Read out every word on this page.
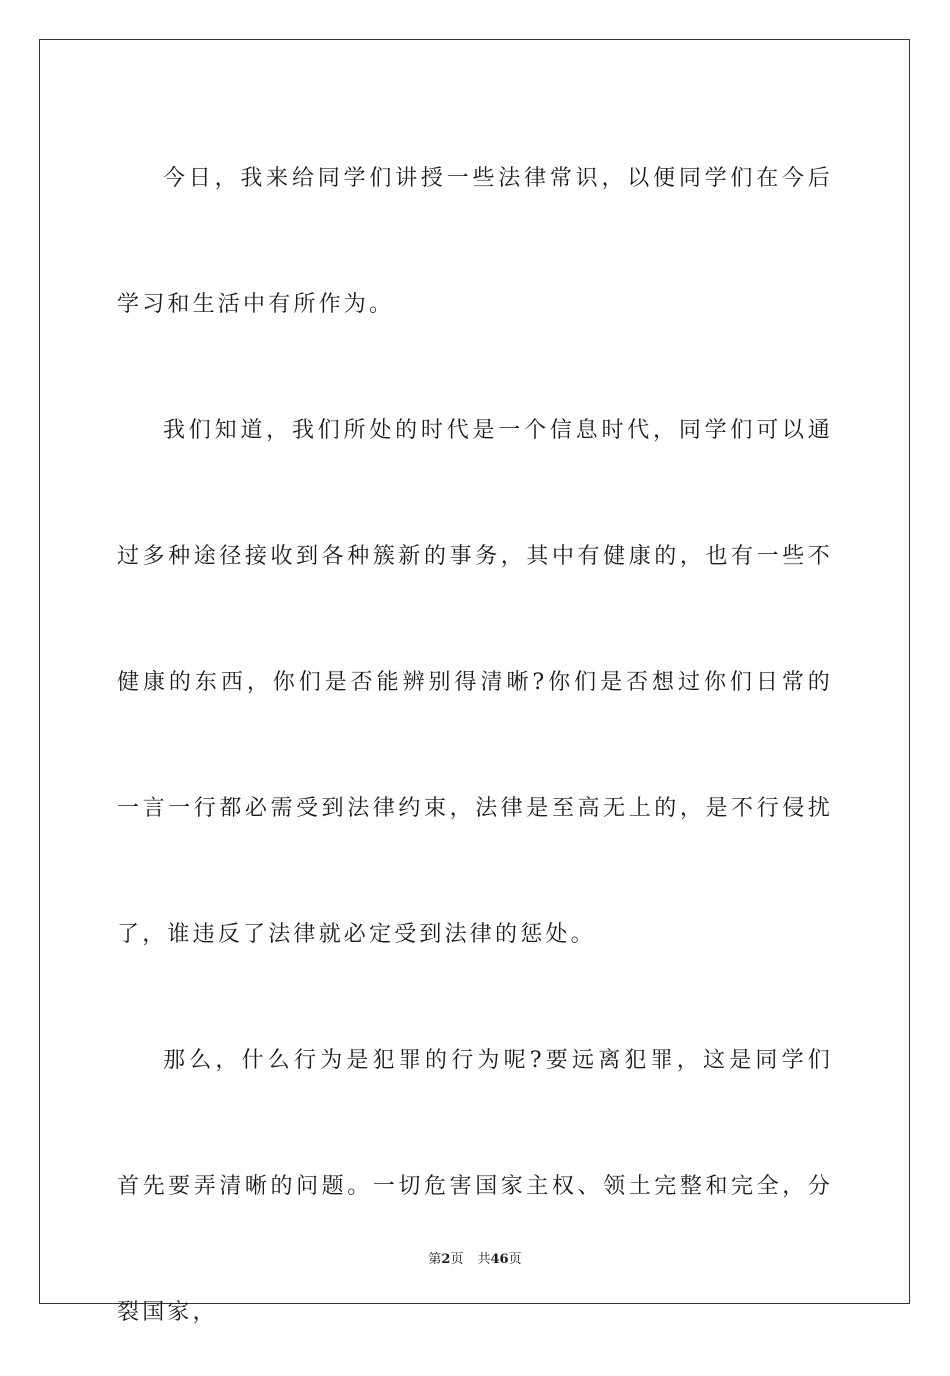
今日，我来给同学们讲授一些法律常识，以便同学们在今后学习和生活中有所作为。

我们知道，我们所处的时代是一个信息时代，同学们可以通过多种途径接收到各种簇新的事务，其中有健康的，也有一些不健康的东西，你们是否能辨别得清晰?你们是否想过你们日常的一言一行都必需受到法律约束，法律是至高无上的，是不行侵扰了，谁违反了法律就必定受到法律的惩处。

那么，什么行为是犯罪的行为呢?要远离犯罪，这是同学们首先要弄清晰的问题。一切危害国家主权、领土完整和完全，分裂国家，

第2页 共46页
